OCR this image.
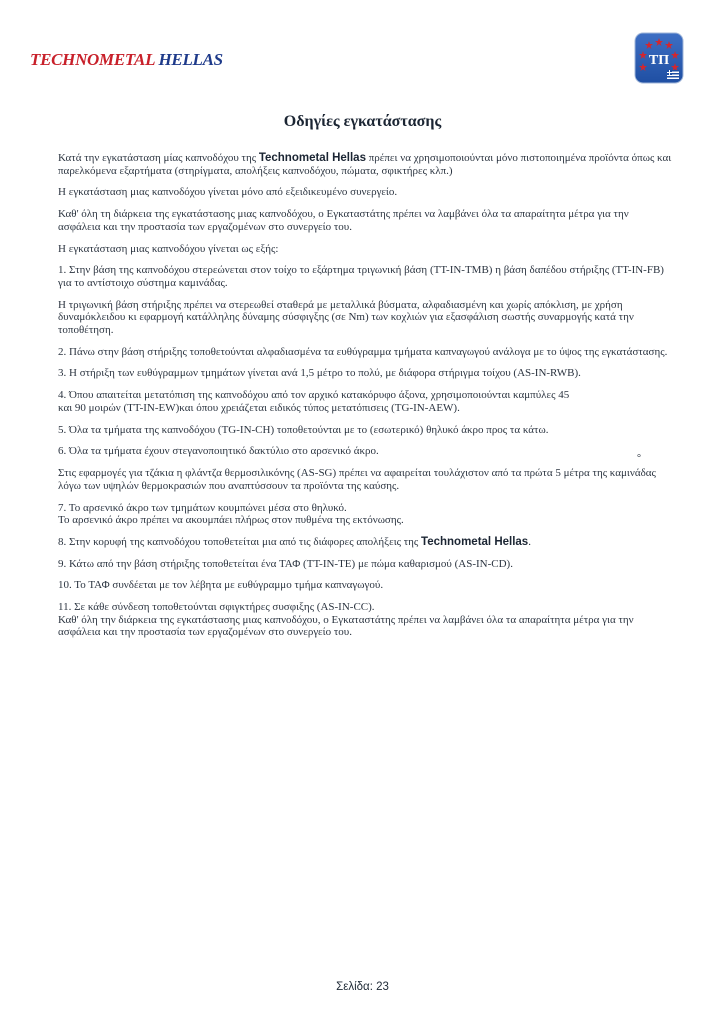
TECHNOMETAL HELLAS	ΤΠ
Οδηγίες εγκατάστασης

Κατά την εγκατάσταση μίας καπνοδόχου της Technometal Hellas πρέπει να χρησιμοποιούνται μόνο πιστοποιημένα προϊόντα όπως και παρελκόμενα εξαρτήματα (στηρίγματα, απολήξεις καπνοδόχου, πώματα, σφικτήρες κλπ.)

Η εγκατάσταση μιας καπνοδόχου γίνεται μόνο από εξειδικευμένο συνεργείο.

Καθ' όλη τη διάρκεια της εγκατάστασης μιας καπνοδόχου, ο Εγκαταστάτης πρέπει να λαμβάνει όλα τα απαραίτητα μέτρα για την ασφάλεια και την προστασία των εργαζομένων στο συνεργείο του.

Η εγκατάσταση μιας καπνοδόχου γίνεται ως εξής:

1. Στην βάση της καπνοδόχου στερεώνεται στον τοίχο το εξάρτημα τριγωνική βάση (TT-IN-TMB) η βάση δαπέδου στήριξης (TT-IN-FB) για το αντίστοιχο σύστημα καμινάδας.

Η τριγωνική βάση στήριξης πρέπει να στερεωθεί σταθερά με μεταλλικά βύσματα, αλφαδιασμένη και χωρίς απόκλιση, με χρήση δυναμόκλειδου κι εφαρμογή κατάλληλης δύναμης σύσφιγξης (σε Nm) των κοχλιών για εξασφάλιση σωστής συναρμογής κατά την τοποθέτηση.

2. Πάνω στην βάση στήριξης τοποθετούνται αλφαδιασμένα τα ευθύγραμμα τμήματα καπναγωγού ανάλογα με το ύψος της εγκατάστασης.

3. Η στήριξη των ευθύγραμμων τμημάτων γίνεται ανά 1,5 μέτρο το πολύ, με διάφορα στήριγμα τοίχου (AS-IN-RWB).

4. Όπου απαιτείται μετατόπιση της καπνοδόχου από τον αρχικό κατακόρυφο άξονα, χρησιμοποιούνται καμπύλες 45
και 90 μοιρών (TT-IN-EW)και όπου χρειάζεται ειδικός τύπος μετατόπισεις (TG-IN-AEW).

5. Όλα τα τμήματα της καπνοδόχου (TG-IN-CH) τοποθετούνται με το (εσωτερικό) θηλυκό άκρο προς τα κάτω.

6. Όλα τα τμήματα έχουν στεγανοποιητικό δακτύλιο στο αρσενικό άκρο.

Στις εφαρμογές για τζάκια η φλάντζα θερμοσιλικόνης (AS-SG) πρέπει να αφαιρείται τουλάχιστον από τα πρώτα 5 μέτρα της καμινάδας λόγω των υψηλών θερμοκρασιών που αναπτύσσουν τα προϊόντα της καύσης.

7. Το αρσενικό άκρο των τμημάτων κουμπώνει μέσα στο θηλυκό.
Το αρσενικό άκρο πρέπει να ακουμπάει πλήρως στον πυθμένα της εκτόνωσης.

8. Στην κορυφή της καπνοδόχου τοποθετείται μια από τις διάφορες απολήξεις της Technometal Hellas.

9. Κάτω από την βάση στήριξης τοποθετείται ένα ΤΑΦ (TT-IN-TE) με πώμα καθαρισμού (AS-IN-CD).

10. Το ΤΑΦ συνδέεται με τον λέβητα με ευθύγραμμο τμήμα καπναγωγού.

11. Σε κάθε σύνδεση τοποθετούνται σφιγκτήρες συσφιξης (AS-IN-CC).
Καθ' όλη την διάρκεια της εγκατάστασης μιας καπνοδόχου, ο Εγκαταστάτης πρέπει να λαμβάνει όλα τα απαραίτητα μέτρα για την ασφάλεια και την προστασία των εργαζομένων στο συνεργείο του.

°
Σελίδα: 23
